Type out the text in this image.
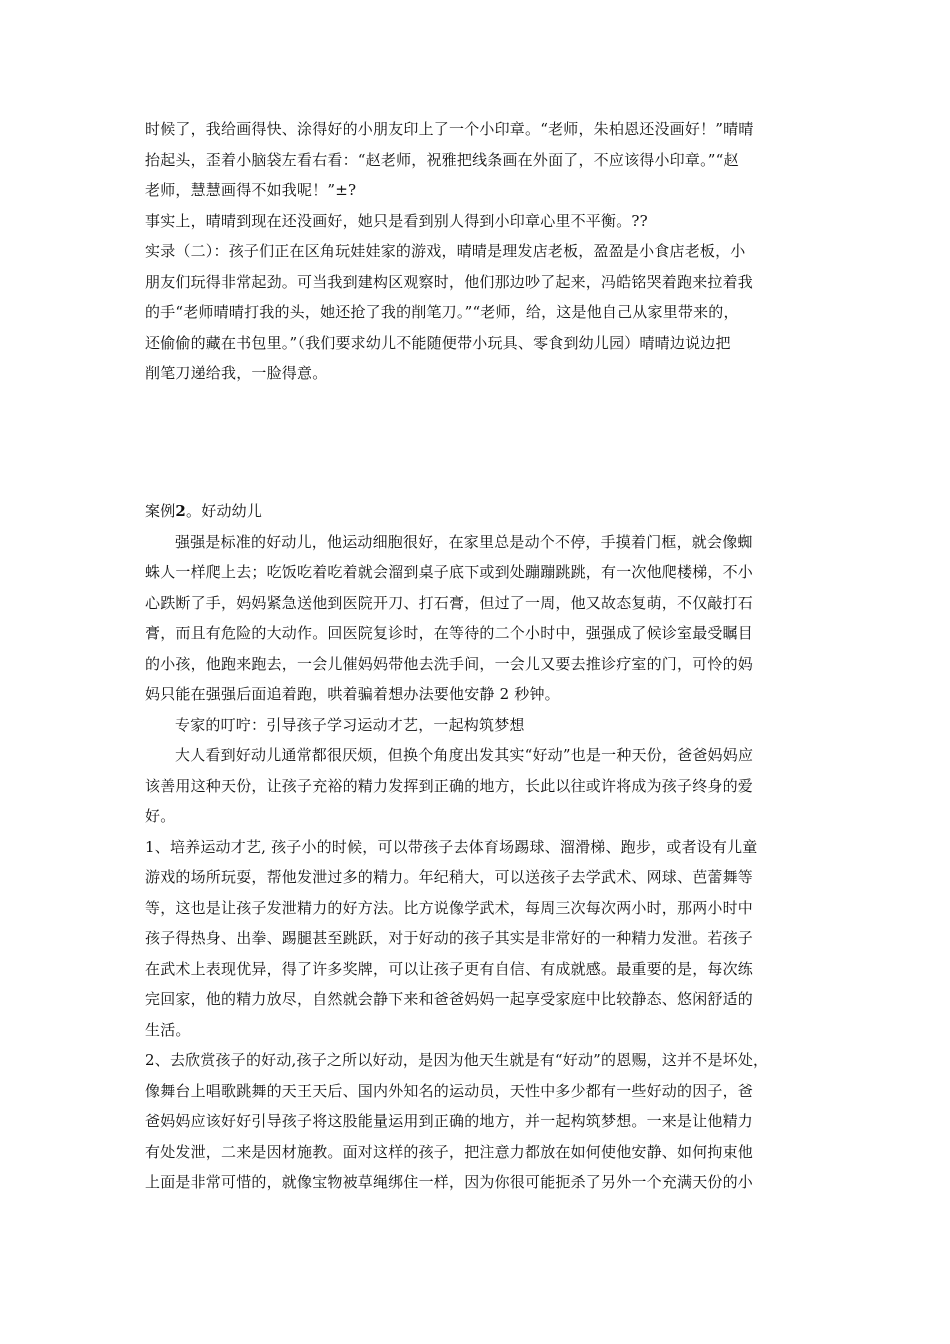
时候了，我给画得快、涂得好的小朋友印上了一个小印章。“老师，朱柏恩还没画好！”晴晴
抬起头，歪着小脑袋左看右看：“赵老师，祝雅把线条画在外面了，不应该得小印章。”“赵
老师，慧慧画得不如我呢！”±?
事实上，晴晴到现在还没画好，她只是看到别人得到小印章心里不平衡。??
实录（二）：孩子们正在区角玩娃娃家的游戏，晴晴是理发店老板，盈盈是小食店老板，小
朋友们玩得非常起劲。可当我到建构区观察时，他们那边吵了起来，冯皓铭哭着跑来拉着我
的手“老师晴晴打我的头，她还抢了我的削笔刀。”“老师，给，这是他自己从家里带来的，
还偷偷的藏在书包里。”（我们要求幼儿不能随便带小玩具、零食到幼儿园）晴晴边说边把
削笔刀递给我，一脸得意。
案例2。好动幼儿
强强是标准的好动儿，他运动细胞很好，在家里总是动个不停，手摸着门框，就会像蜘
蛛人一样爬上去；吃饭吃着吃着就会溜到桌子底下或到处蹦蹦跳跳，有一次他爬楼梯，不小
心跌断了手，妈妈紧急送他到医院开刀、打石膏，但过了一周，他又故态复萌，不仅敲打石
膏，而且有危险的大动作。回医院复诊时，在等待的二个小时中，强强成了候诊室最受瞩目
的小孩，他跑来跑去，一会儿催妈妈带他去洗手间，一会儿又要去推诊疗室的门，可怜的妈
妈只能在强强后面追着跑，哄着骗着想办法要他安静 2 秒钟。
专家的叮咛：引导孩子学习运动才艺，一起构筑梦想
大人看到好动儿通常都很厌烦，但换个角度出发其实“好动”也是一种天份，爸爸妈妈应
该善用这种天份，让孩子充裕的精力发挥到正确的地方，长此以往或许将成为孩子终身的爱
好。
1、培养运动才艺, 孩子小的时候，可以带孩子去体育场踢球、溜滑梯、跑步，或者设有儿童
游戏的场所玩耍，帮他发泄过多的精力。年纪稍大，可以送孩子去学武术、网球、芭蕾舞等
等，这也是让孩子发泄精力的好方法。比方说像学武术，每周三次每次两小时，那两小时中
孩子得热身、出拳、踢腿甚至跳跃，对于好动的孩子其实是非常好的一种精力发泄。若孩子
在武术上表现优异，得了许多奖牌，可以让孩子更有自信、有成就感。最重要的是，每次练
完回家，他的精力放尽，自然就会静下来和爸爸妈妈一起享受家庭中比较静态、悠闲舒适的
生活。
2、去欣赏孩子的好动,孩子之所以好动，是因为他天生就是有“好动”的恩赐，这并不是坏处，
像舞台上唱歌跳舞的天王天后、国内外知名的运动员，天性中多少都有一些好动的因子，爸
爸妈妈应该好好引导孩子将这股能量运用到正确的地方，并一起构筑梦想。一来是让他精力
有处发泄，二来是因材施教。面对这样的孩子，把注意力都放在如何使他安静、如何拘束他
上面是非常可惜的，就像宝物被草绳绑住一样，因为你很可能扼杀了另外一个充满天份的小
